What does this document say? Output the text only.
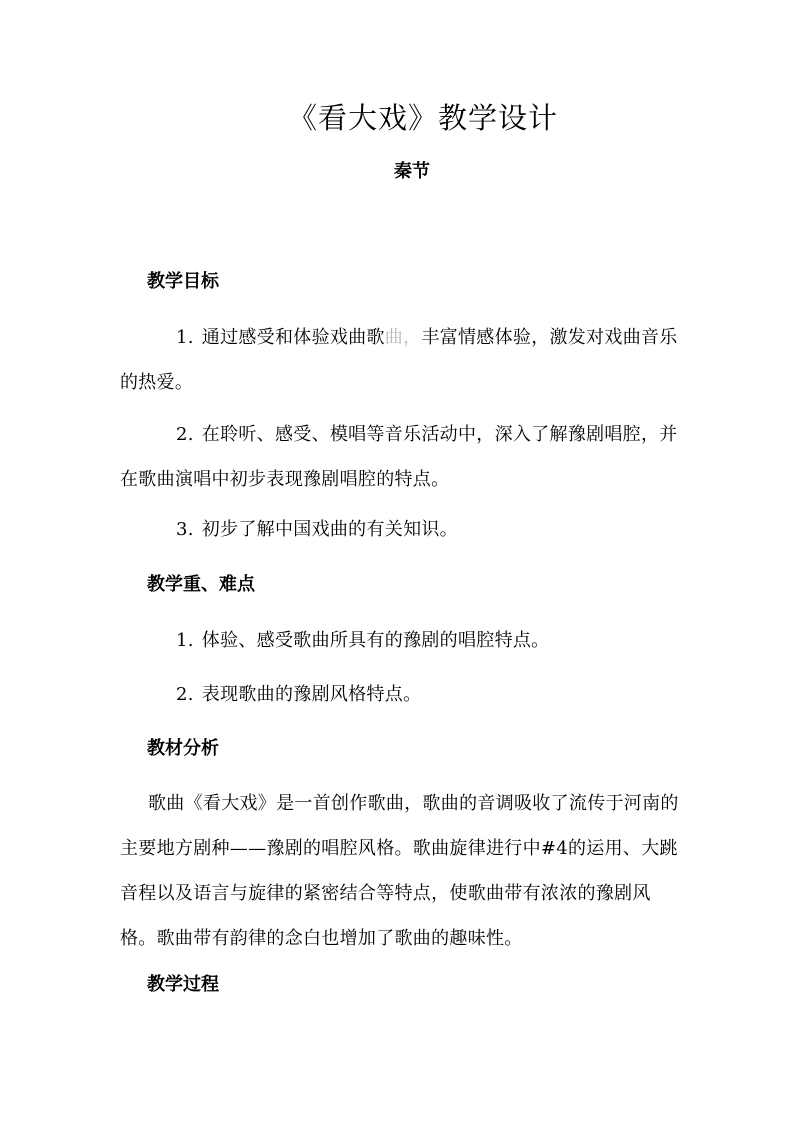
《看大戏》教学设计
秦节
教学目标
1. 通过感受和体验戏曲歌曲，丰富情感体验，激发对戏曲音乐的热爱。
2. 在聆听、感受、模唱等音乐活动中，深入了解豫剧唱腔，并在歌曲演唱中初步表现豫剧唱腔的特点。
3. 初步了解中国戏曲的有关知识。
教学重、难点
1. 体验、感受歌曲所具有的豫剧的唱腔特点。
2. 表现歌曲的豫剧风格特点。
教材分析
歌曲《看大戏》是一首创作歌曲，歌曲的音调吸收了流传于河南的主要地方剧种——豫剧的唱腔风格。歌曲旋律进行中#4的运用、大跳音程以及语言与旋律的紧密结合等特点，使歌曲带有浓浓的豫剧风格。歌曲带有韵律的念白也增加了歌曲的趣味性。
教学过程
